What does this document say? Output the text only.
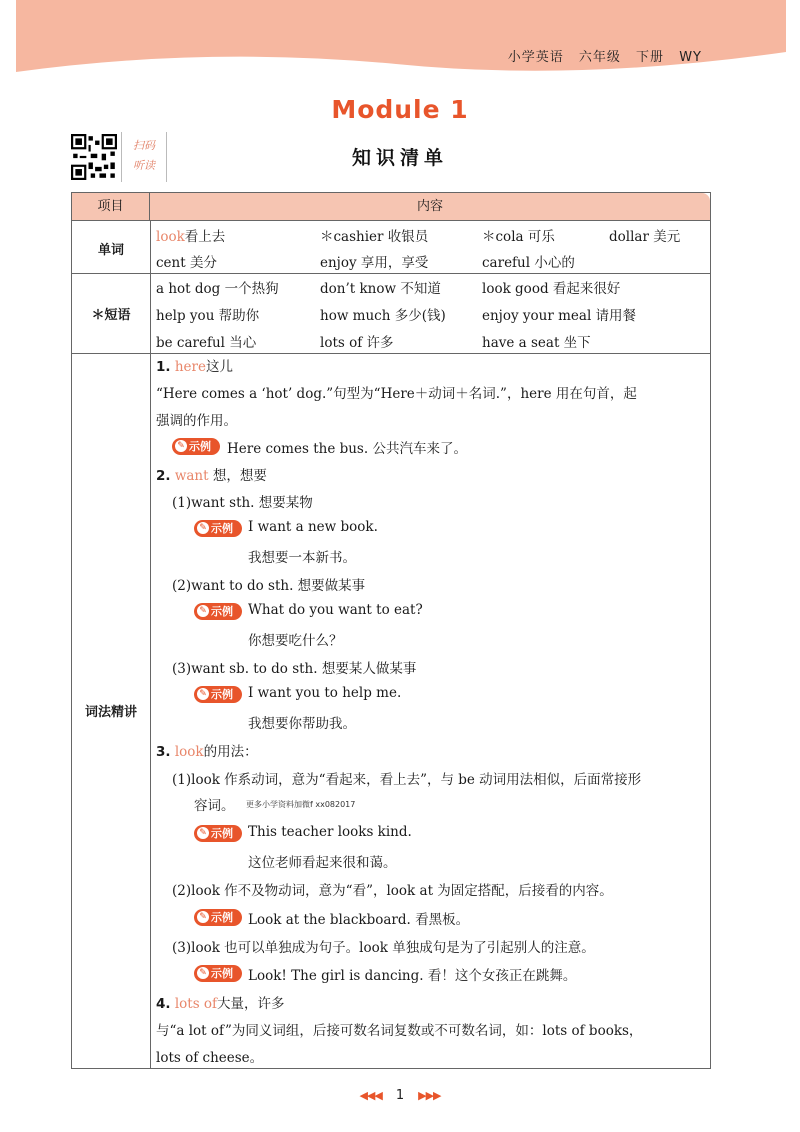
小学英语 六年级 下册 WY
Module 1
知识清单
扫码
听读
项目	内容
单词
look看上去	＊cashier 收银员	＊cola 可乐	dollar 美元
cent 美分	enjoy 享用，享受	careful 小心的
＊短语
a hot dog 一个热狗	don’t know 不知道	look good 看起来很好
help you 帮助你	how much 多少(钱)	enjoy your meal 请用餐
be careful 当心	lots of 许多	have a seat 坐下
词法精讲
1. here这儿
“Here comes a ‘hot’ dog.”句型为“Here＋动词＋名词.”，here 用在句首，起
强调的作用。
✎ 示例	Here comes the bus. 公共汽车来了。
2. want 想，想要
(1)want sth. 想要某物
✎ 示例	I want a new book.
我想要一本新书。
(2)want to do sth. 想要做某事
✎ 示例	What do you want to eat?
你想要吃什么？
(3)want sb. to do sth. 想要某人做某事
✎ 示例	I want you to help me.
我想要你帮助我。
3. look的用法：
(1)look 作系动词，意为“看起来，看上去”，与 be 动词用法相似，后面常接形
容词。 更多小学资料加微f xx082017
✎ 示例	This teacher looks kind.
这位老师看起来很和蔼。
(2)look 作不及物动词，意为“看”，look at 为固定搭配，后接看的内容。
✎ 示例	Look at the blackboard. 看黑板。
(3)look 也可以单独成为句子。look 单独成句是为了引起别人的注意。
✎ 示例	Look! The girl is dancing. 看！这个女孩正在跳舞。
4. lots of大量，许多
与“a lot of”为同义词组，后接可数名词复数或不可数名词，如：lots of books，
lots of cheese。
◀◀◀ 1 ▶▶▶
